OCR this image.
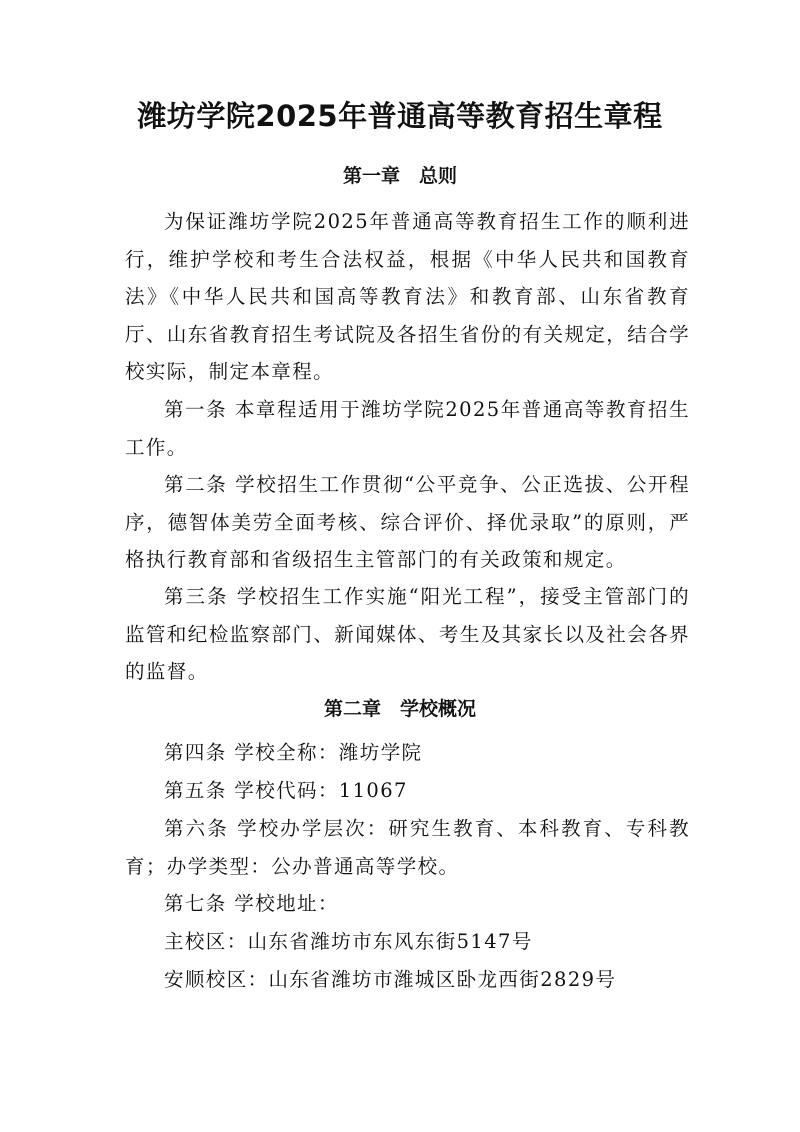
潍坊学院2025年普通高等教育招生章程
第一章　总则

为保证潍坊学院2025年普通高等教育招生工作的顺利进行，维护学校和考生合法权益，根据《中华人民共和国教育法》《中华人民共和国高等教育法》和教育部、山东省教育厅、山东省教育招生考试院及各招生省份的有关规定，结合学校实际，制定本章程。

第一条 本章程适用于潍坊学院2025年普通高等教育招生工作。

第二条 学校招生工作贯彻“公平竞争、公正选拔、公开程序，德智体美劳全面考核、综合评价、择优录取”的原则，严格执行教育部和省级招生主管部门的有关政策和规定。

第三条 学校招生工作实施“阳光工程”，接受主管部门的监管和纪检监察部门、新闻媒体、考生及其家长以及社会各界的监督。

第二章　学校概况

第四条 学校全称：潍坊学院

第五条 学校代码：11067

第六条 学校办学层次：研究生教育、本科教育、专科教育；办学类型：公办普通高等学校。

第七条 学校地址：

主校区：山东省潍坊市东风东街5147号

安顺校区：山东省潍坊市潍城区卧龙西街2829号
